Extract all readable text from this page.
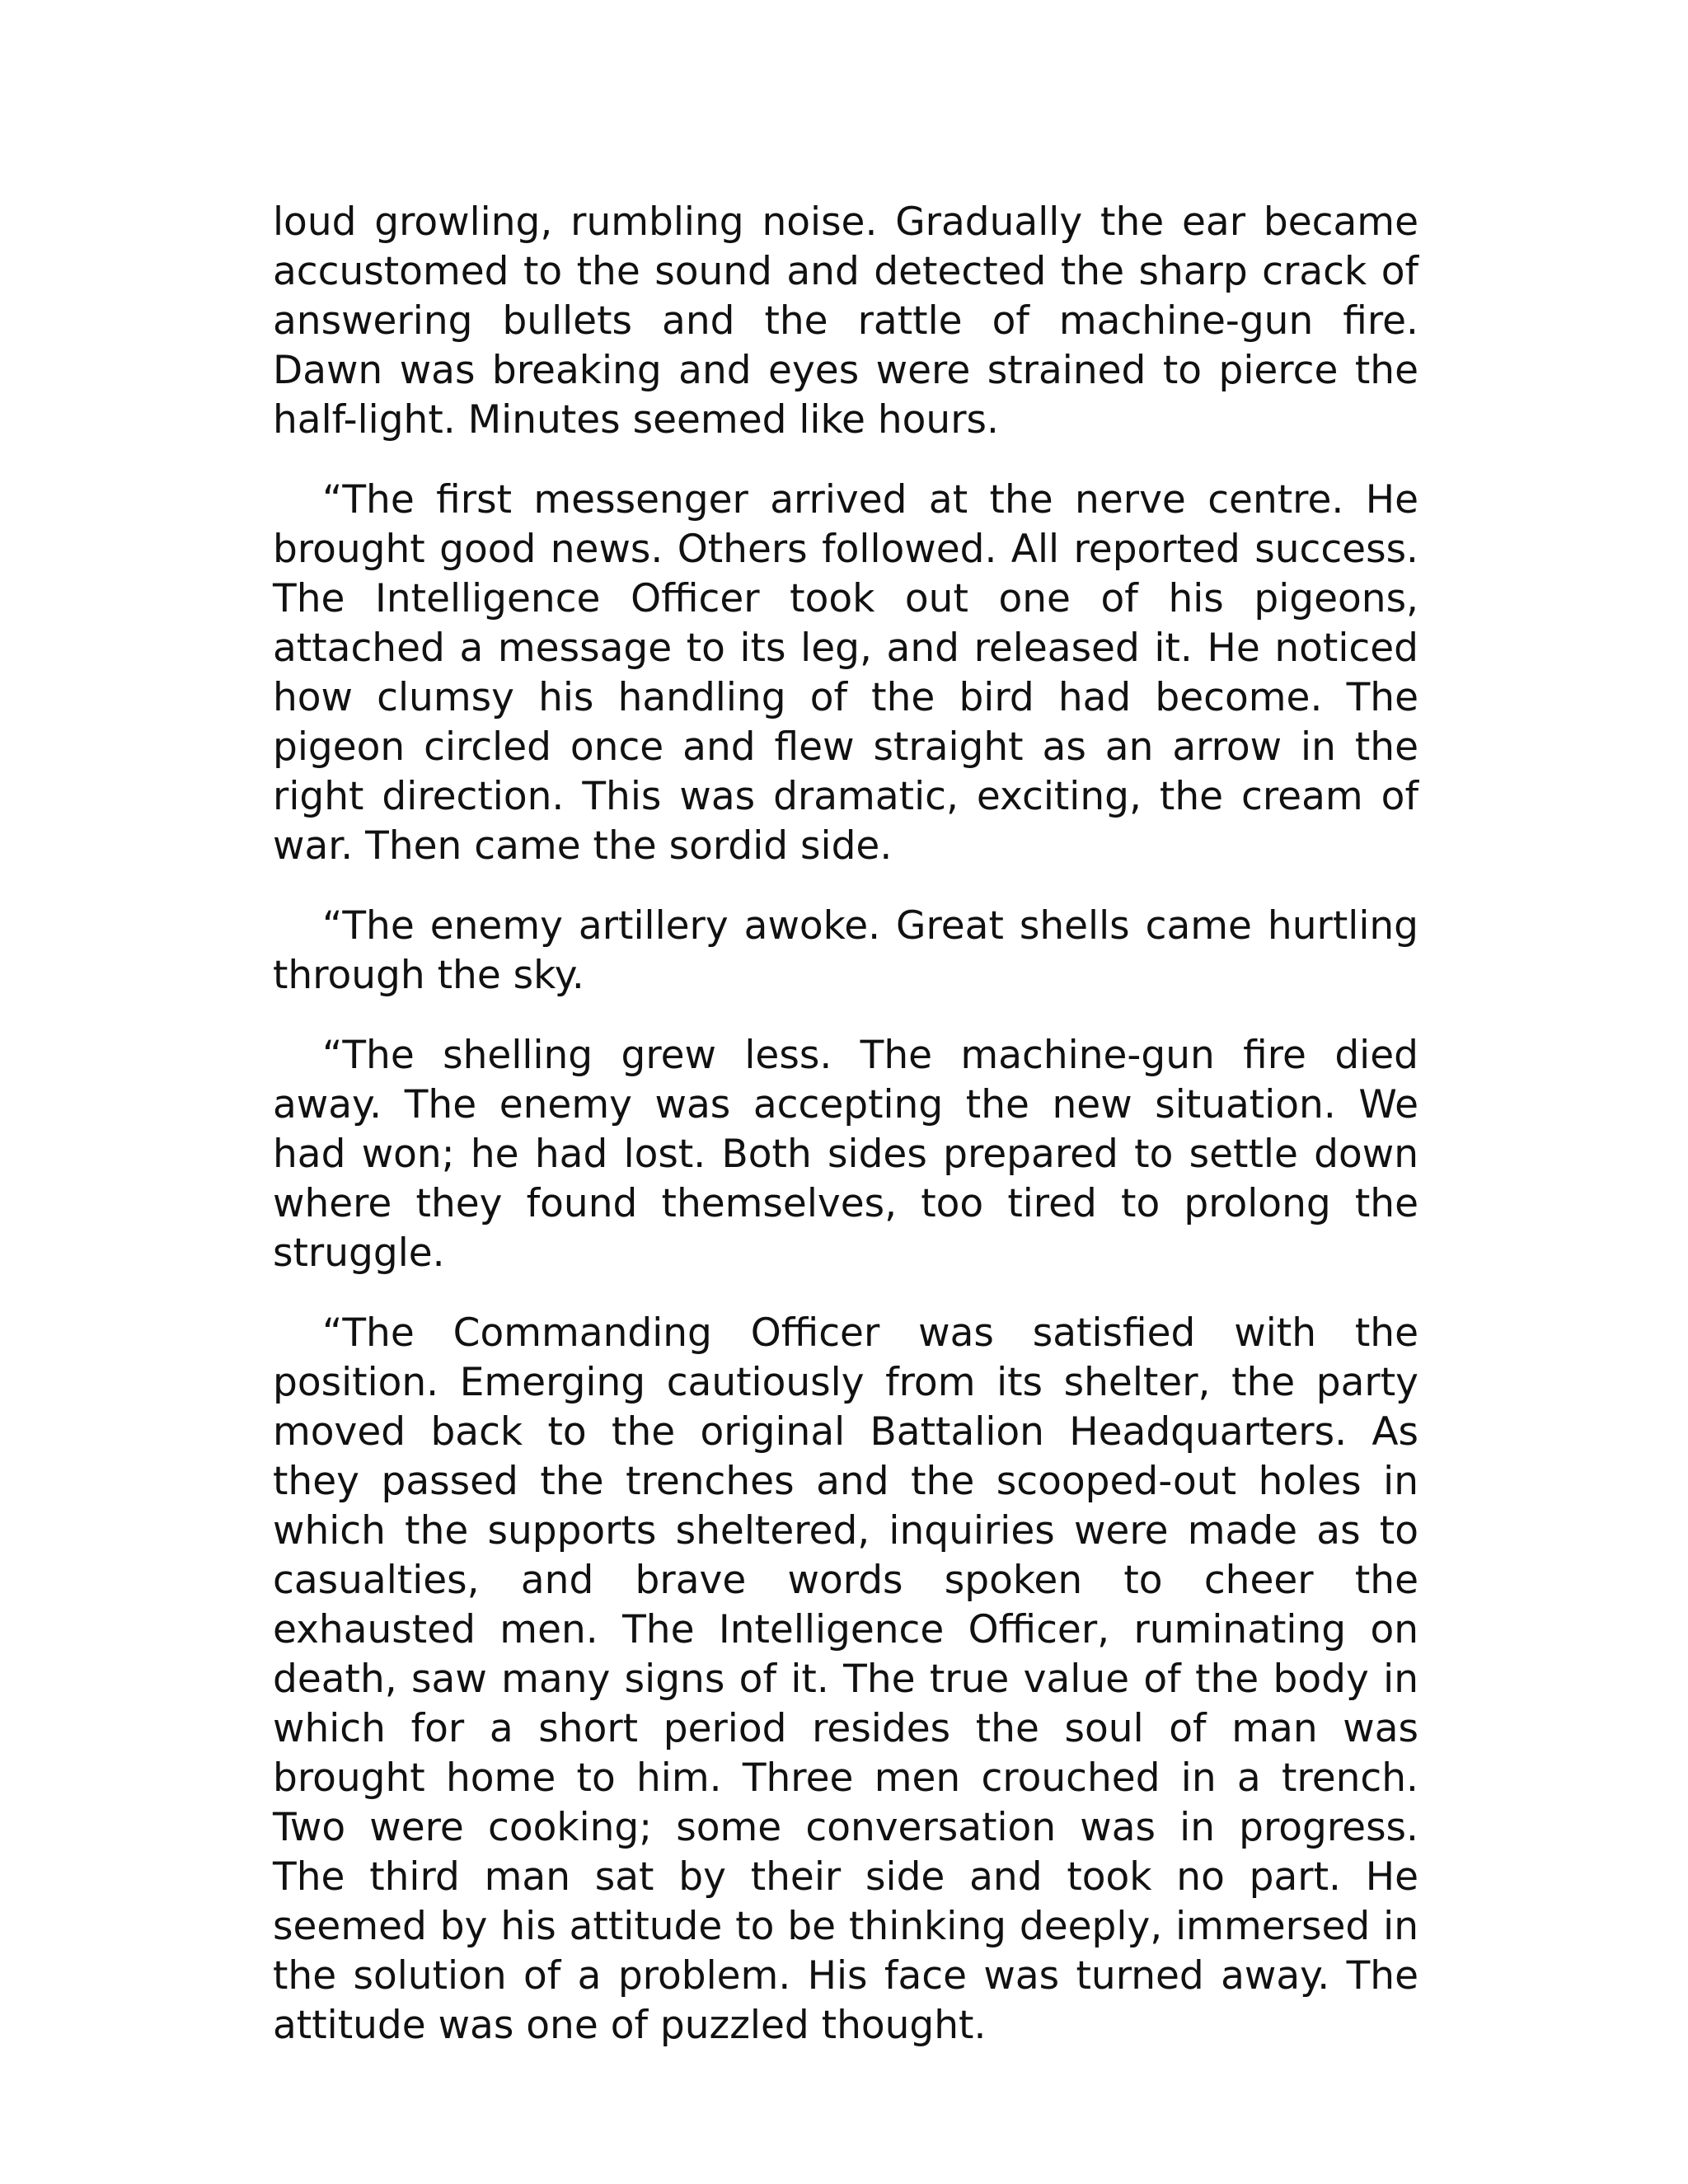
loud growling, rumbling noise. Gradually the ear became accustomed to the sound and detected the sharp crack of answering bullets and the rattle of machine-gun fire. Dawn was breaking and eyes were strained to pierce the half-light. Minutes seemed like hours.

“The first messenger arrived at the nerve centre. He brought good news. Others followed. All reported success. The Intelligence Officer took out one of his pigeons, attached a message to its leg, and released it. He noticed how clumsy his handling of the bird had become. The pigeon circled once and flew straight as an arrow in the right direction. This was dramatic, exciting, the cream of war. Then came the sordid side.

“The enemy artillery awoke. Great shells came hurtling through the sky.

“The shelling grew less. The machine-gun fire died away. The enemy was accepting the new situation. We had won; he had lost. Both sides prepared to settle down where they found themselves, too tired to prolong the struggle.

“The Commanding Officer was satisfied with the position. Emerging cautiously from its shelter, the party moved back to the original Battalion Headquarters. As they passed the trenches and the scooped-out holes in which the supports sheltered, inquiries were made as to casualties, and brave words spoken to cheer the exhausted men. The Intelligence Officer, ruminating on death, saw many signs of it. The true value of the body in which for a short period resides the soul of man was brought home to him. Three men crouched in a trench. Two were cooking; some conversation was in progress. The third man sat by their side and took no part. He seemed by his attitude to be thinking deeply, immersed in the solution of a problem. His face was turned away. The attitude was one of puzzled thought.
